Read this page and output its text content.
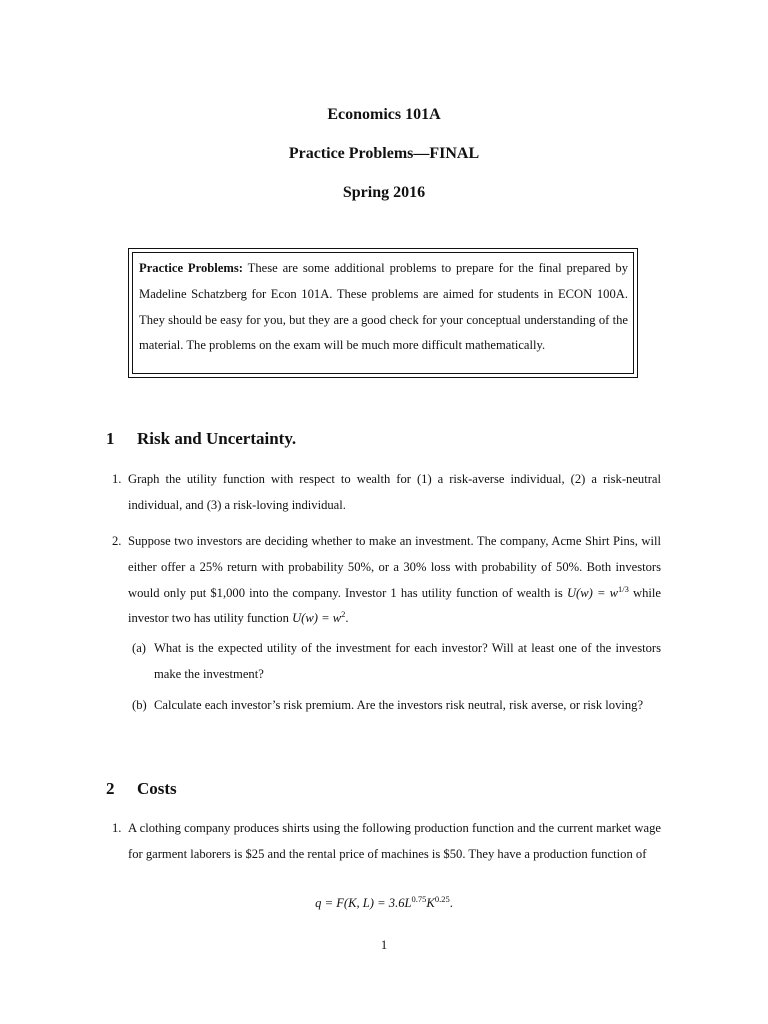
Economics 101A
Practice Problems—FINAL
Spring 2016

Practice Problems: These are some additional problems to prepare for the final prepared by Madeline Schatzberg for Econ 101A. These problems are aimed for students in ECON 100A. They should be easy for you, but they are a good check for your conceptual understanding of the material. The problems on the exam will be much more difficult mathematically.

1 Risk and Uncertainty.
1. Graph the utility function with respect to wealth for (1) a risk-averse individual, (2) a risk-neutral individual, and (3) a risk-loving individual.
2. Suppose two investors are deciding whether to make an investment. The company, Acme Shirt Pins, will either offer a 25% return with probability 50%, or a 30% loss with probability of 50%. Both investors would only put $1,000 into the company. Investor 1 has utility function of wealth is $U(w) = w^{1/3}$ while investor two has utility function $U(w) = w^2$.
(a) What is the expected utility of the investment for each investor? Will at least one of the investors make the investment?
(b) Calculate each investor’s risk premium. Are the investors risk neutral, risk averse, or risk loving?
2 Costs
1. A clothing company produces shirts using the following production function and the current market wage for garment laborers is $25 and the rental price of machines is $50. They have a production function of
q = F(K, $L) = 3.6L^{0.75}K^{0.25}$.
1
